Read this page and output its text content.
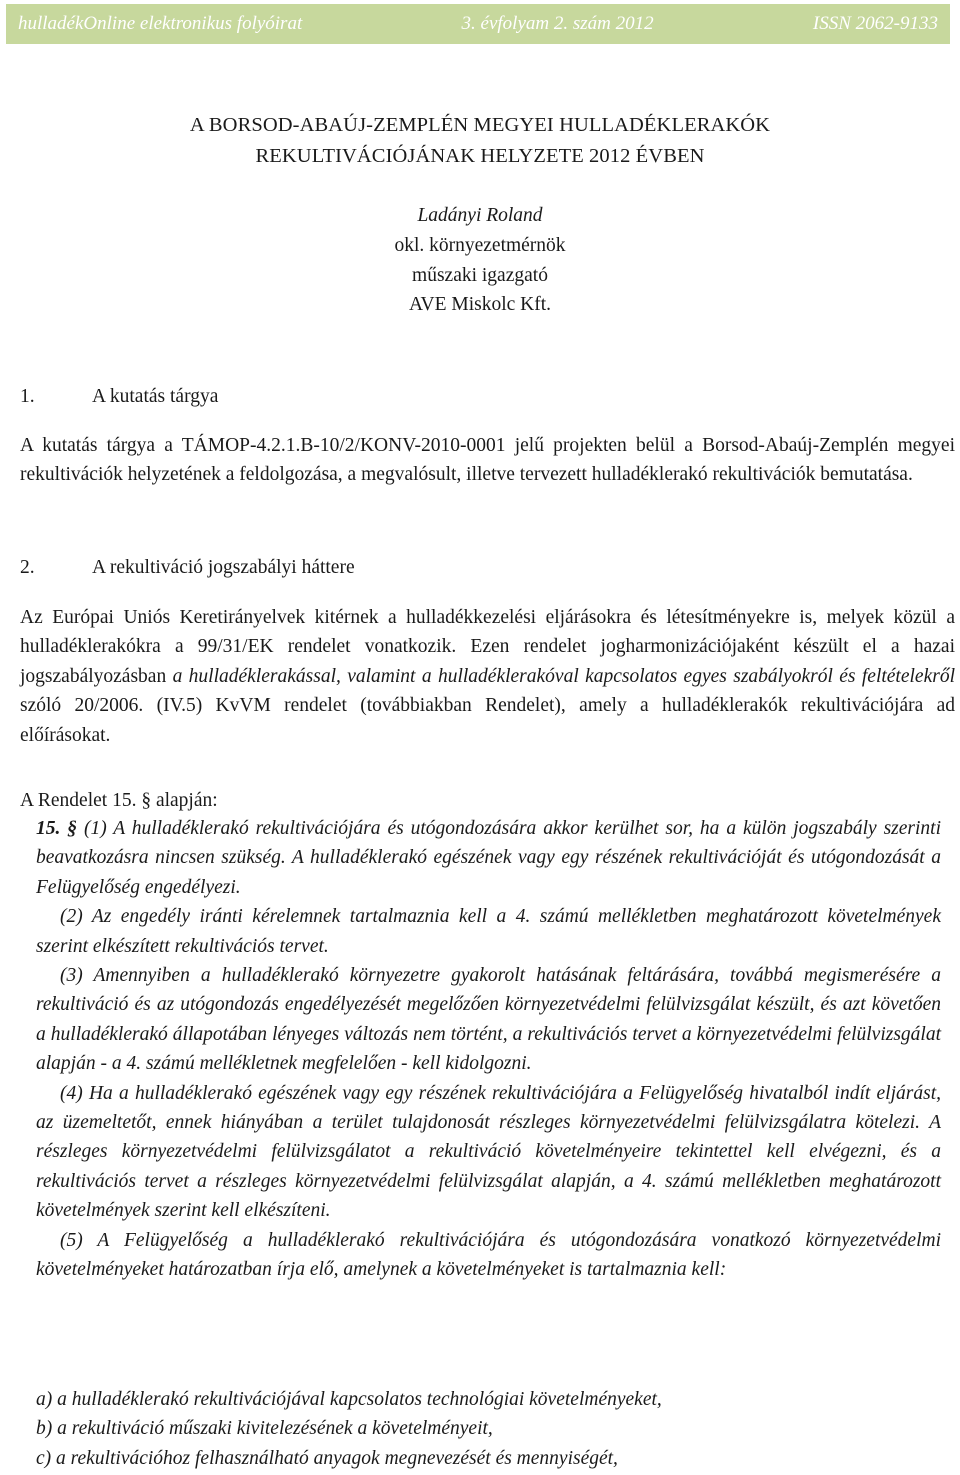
hulladékOnline elektronikus folyóirat	3. évfolyam 2. szám 2012	ISSN 2062-9133
A BORSOD-ABAÚJ-ZEMPLÉN MEGYEI HULLADÉKLERAKÓK
REKULTIVÁCIÓJÁNAK HELYZETE 2012 ÉVBEN
Ladányi Roland
okl. környezetmérnök
műszaki igazgató
AVE Miskolc Kft.
1.	A kutatás tárgya
A kutatás tárgya a TÁMOP-4.2.1.B-10/2/KONV-2010-0001 jelű projekten belül a Borsod-Abaúj-Zemplén megyei rekultivációk helyzetének a feldolgozása, a megvalósult, illetve tervezett hulladéklerakó rekultivációk bemutatása.
2.	A rekultiváció jogszabályi háttere

Az Európai Uniós Keretirányelvek kitérnek a hulladékkezelési eljárásokra és létesítményekre is, melyek közül a hulladéklerakókra a 99/31/EK rendelet vonatkozik. Ezen rendelet jogharmonizációjaként készült el a hazai jogszabályozásban a hulladéklerakással, valamint a hulladéklerakóval kapcsolatos egyes szabályokról és feltételekről szóló 20/2006. (IV.5) KvVM rendelet (továbbiakban Rendelet), amely a hulladéklerakók rekultivációjára ad előírásokat.

A Rendelet 15. § alapján:

15. § (1) A hulladéklerakó rekultivációjára és utógondozására akkor kerülhet sor, ha a külön jogszabály szerinti beavatkozásra nincsen szükség. A hulladéklerakó egészének vagy egy részének rekultivációját és utógondozását a Felügyelőség engedélyezi.

(2) Az engedély iránti kérelemnek tartalmaznia kell a 4. számú mellékletben meghatározott követelmények szerint elkészített rekultivációs tervet.

(3) Amennyiben a hulladéklerakó környezetre gyakorolt hatásának feltárására, továbbá megismerésére a rekultiváció és az utógondozás engedélyezését megelőzően környezetvédelmi felülvizsgálat készült, és azt követően a hulladéklerakó állapotában lényeges változás nem történt, a rekultivációs tervet a környezetvédelmi felülvizsgálat alapján - a 4. számú mellékletnek megfelelően - kell kidolgozni.

(4) Ha a hulladéklerakó egészének vagy egy részének rekultivációjára a Felügyelőség hivatalból indít eljárást, az üzemeltetőt, ennek hiányában a terület tulajdonosát részleges környezetvédelmi felülvizsgálatra kötelezi. A részleges környezetvédelmi felülvizsgálatot a rekultiváció követelményeire tekintettel kell elvégezni, és a rekultivációs tervet a részleges környezetvédelmi felülvizsgálat alapján, a 4. számú mellékletben meghatározott követelmények szerint kell elkészíteni.

(5) A Felügyelőség a hulladéklerakó rekultivációjára és utógondozására vonatkozó környezetvédelmi követelményeket határozatban írja elő, amelynek a követelményeket is tartalmaznia kell:

a) a hulladéklerakó rekultivációjával kapcsolatos technológiai követelményeket,
b) a rekultiváció műszaki kivitelezésének a követelményeit,
c) a rekultivációhoz felhasználható anyagok megnevezését és mennyiségét,
